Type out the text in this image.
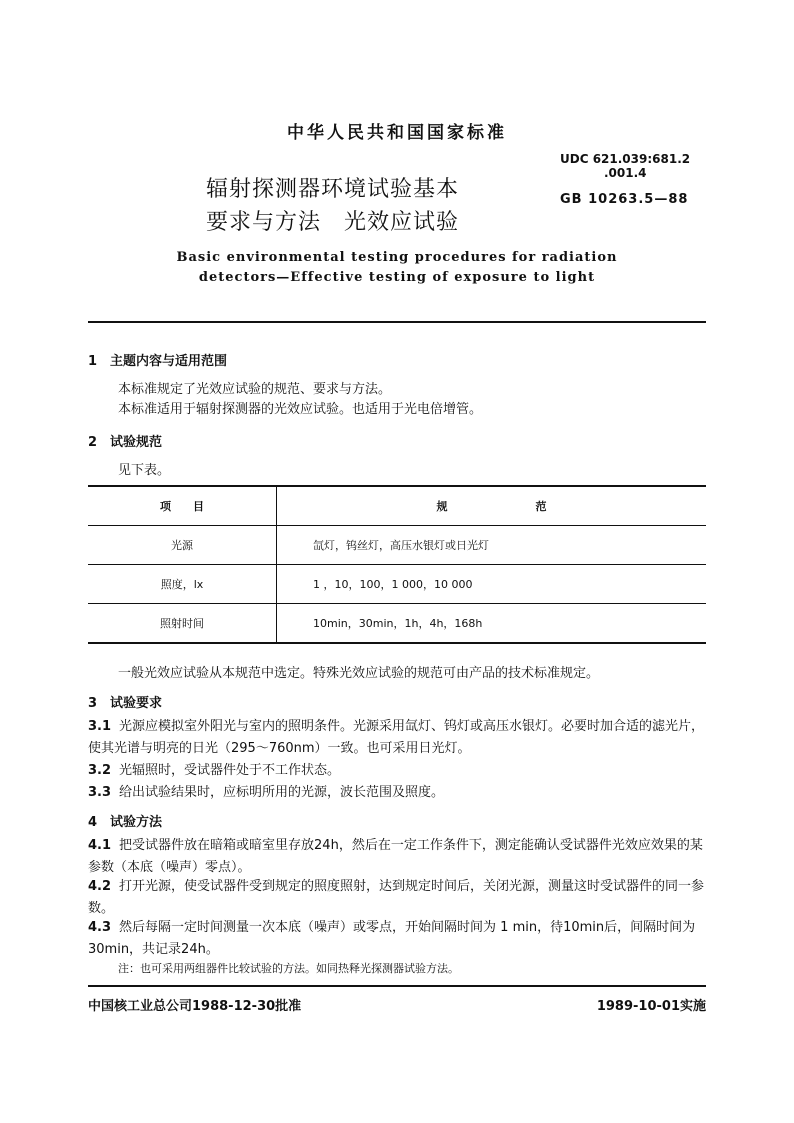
中华人民共和国国家标准
辐射探测器环境试验基本
要求与方法　光效应试验
UDC 621.039:681.2
.001.4
GB 10263.5—88
Basic environmental testing procedures for radiation
detectors—Effective testing of exposure to light
1 主题内容与适用范围
本标准规定了光效应试验的规范、要求与方法。
本标准适用于辐射探测器的光效应试验。也适用于光电倍增管。
2 试验规范
见下表。
项　　目	规　　　　　　　　范
光源	氙灯，钨丝灯，高压水银灯或日光灯
照度，lx	1 ，10，100，1 000，10 000
照射时间	10min，30min，1h，4h，168h
一般光效应试验从本规范中选定。特殊光效应试验的规范可由产品的技术标准规定。
3 试验要求
3.1 光源应模拟室外阳光与室内的照明条件。光源采用氙灯、钨灯或高压水银灯。必要时加合适的滤光片，使其光谱与明亮的日光（295～760nm）一致。也可采用日光灯。
3.2 光辐照时，受试器件处于不工作状态。
3.3 给出试验结果时，应标明所用的光源，波长范围及照度。
4 试验方法
4.1 把受试器件放在暗箱或暗室里存放24h，然后在一定工作条件下，测定能确认受试器件光效应效果的某参数（本底（噪声）零点）。
4.2 打开光源，使受试器件受到规定的照度照射，达到规定时间后，关闭光源，测量这时受试器件的同一参数。
4.3 然后每隔一定时间测量一次本底（噪声）或零点，开始间隔时间为 1 min，待10min后，间隔时间为30min，共记录24h。
注：也可采用两组器件比较试验的方法。如同热释光探测器试验方法。
中国核工业总公司1988-12-30批准	1989-10-01实施
